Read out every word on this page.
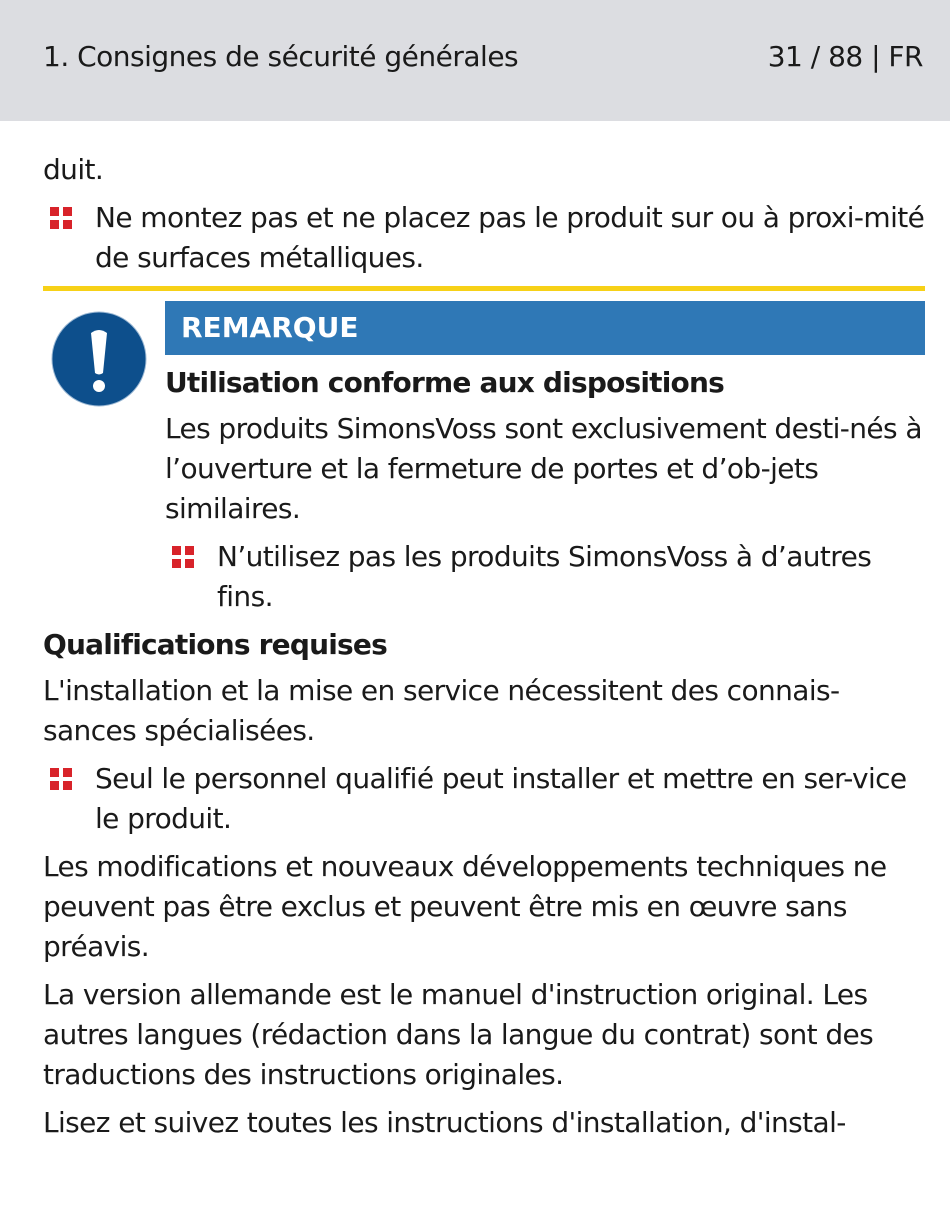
1. Consignes de sécurité générales	31 / 88 | FR

duit.

Ne montez pas et ne placez pas le produit sur ou à proxi-mité de surfaces métalliques.
REMARQUE
Utilisation conforme aux dispositions

Les produits SimonsVoss sont exclusivement desti-nés à l’ouverture et la fermeture de portes et d’ob-jets similaires.

N’utilisez pas les produits SimonsVoss à d’autres fins.
Qualifications requises

L'installation et la mise en service nécessitent des connais-sances spécialisées.

Seul le personnel qualifié peut installer et mettre en ser-vice le produit.

Les modifications et nouveaux développements techniques ne peuvent pas être exclus et peuvent être mis en œuvre sans préavis.

La version allemande est le manuel d'instruction original. Les autres langues (rédaction dans la langue du contrat) sont des traductions des instructions originales.

Lisez et suivez toutes les instructions d'installation, d'instal-
